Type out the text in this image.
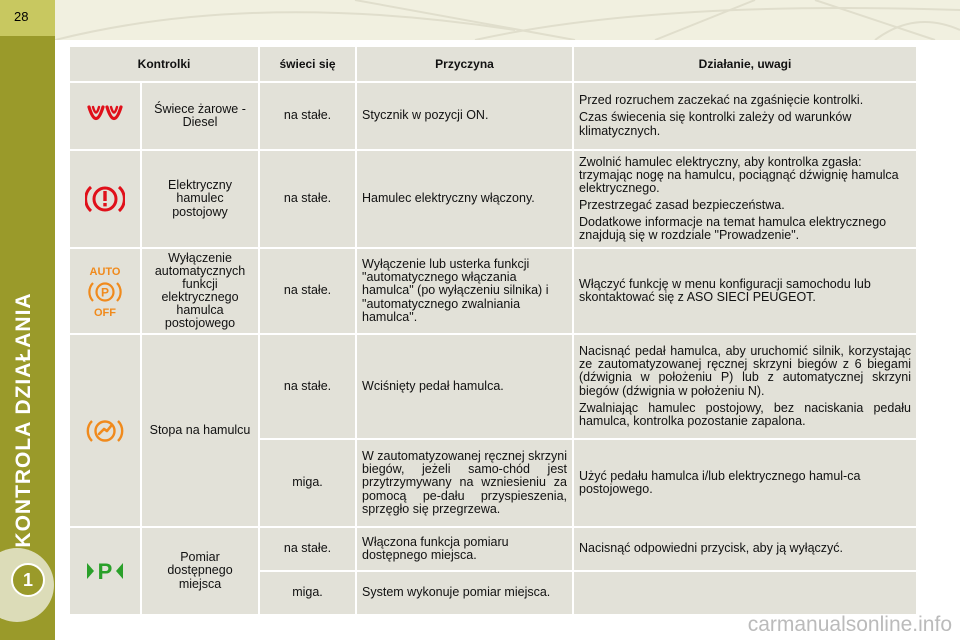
28
KONTROLA DZIAŁANIA
1
Kontrolki		świeci się	Przyczyna	Działanie, uwagi
	Świece żarowe - Diesel	na stałe.	Stycznik w pozycji ON.	Przed rozruchem zaczekać na zgaśnięcie kontrolki.

Czas świecenia się kontrolki zależy od warunków klimatycznych.

	Elektryczny hamulec postojowy	na stałe.	Hamulec elektryczny włączony.	Zwolnić hamulec elektryczny, aby kontrolka zgasła: trzymając nogę na hamulcu, pociągnąć dźwignię hamulca elektrycznego.

Przestrzegać zasad bezpieczeństwa.

Dodatkowe informacje na temat hamulca elektrycznego znajdują się w rozdziale "Prowadzenie".

AUTO
P
OFF	Wyłączenie automatycznych funkcji elektrycznego hamulca postojowego	na stałe.	Wyłączenie lub usterka funkcji "automatycznego włączania hamulca" (po wyłączeniu silnika) i "automatycznego zwalniania hamulca".	Włączyć funkcję w menu konfiguracji samochodu lub skontaktować się z ASO SIECI PEUGEOT.

	Stopa na hamulcu	na stałe.	Wciśnięty pedał hamulca.	Nacisnąć pedał hamulca, aby uruchomić silnik, korzystając ze zautomatyzowanej ręcznej skrzyni biegów z 6 biegami (dźwignia w położeniu P) lub z automatycznej skrzyni biegów (dźwignia w położeniu N).

Zwalniając hamulec postojowy, bez naciskania pedału hamulca, kontrolka pozostanie zapalona.

		miga.	W zautomatyzowanej ręcznej skrzyni biegów, jeżeli samo-chód jest przytrzymywany na wzniesieniu za pomocą pe-dału przyspieszenia, sprzęgło się przegrzewa.	Użyć pedału hamulca i/lub elektrycznego hamul-ca postojowego.

P	Pomiar dostępnego miejsca	na stałe.	Włączona funkcja pomiaru dostępnego miejsca.	Nacisnąć odpowiedni przycisk, aby ją wyłączyć.

		miga.	System wykonuje pomiar miejsca.	
carmanualsonline.info
